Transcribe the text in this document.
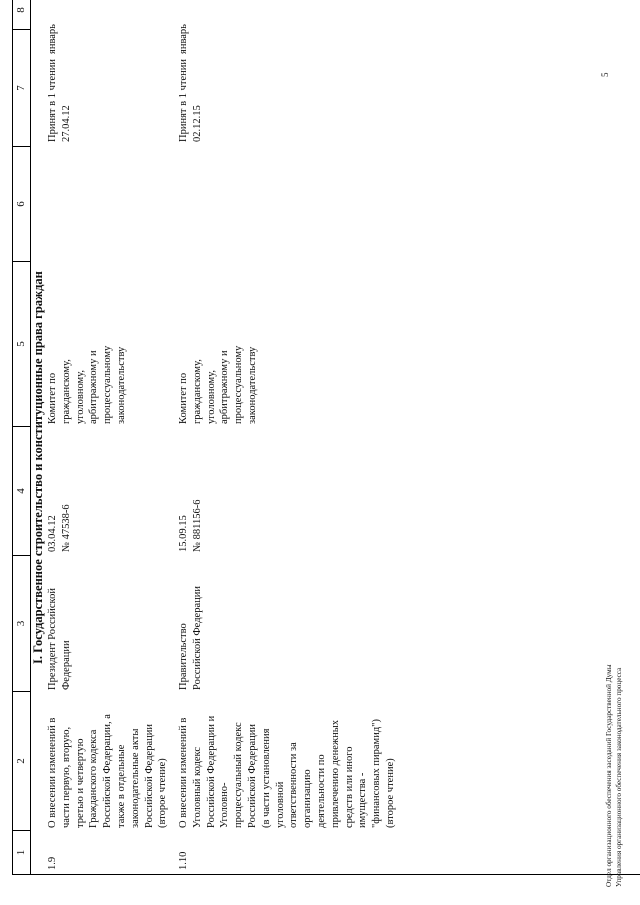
1
2
3
4
5
6
7
8
I. Государственное строительство и конституционные права граждан
1.9
О внесении изменений в
части первую, вторую,
третью и четвертую
Гражданского кодекса
Российской Федерации, а
также в отдельные
законодательные акты
Российской Федерации
(второе чтение)
Президент Российской
Федерации
03.04.12
№ 47538-6
Комитет по
гражданскому,
уголовному,
арбитражному и
процессуальному
законодательству
Принят в 1 чтении
27.04.12
январь
1.10
О внесении изменений в
Уголовный кодекс
Российской Федерации и
Уголовно-
процессуальный кодекс
Российской Федерации
(в части установления
уголовной
ответственности за
организацию
деятельности по
привлечению денежных
средств или иного
имущества -
"финансовых пирамид")
(второе чтение)
Правительство
Российской Федерации
15.09.15
№ 881156-6
Комитет по
гражданскому,
уголовному,
арбитражному и
процессуальному
законодательству
Принят в 1 чтении
02.12.15
январь
Отдел организационного обеспечения заседаний Государственной Думы Управления организационного обеспечения законодательного процесса
5
